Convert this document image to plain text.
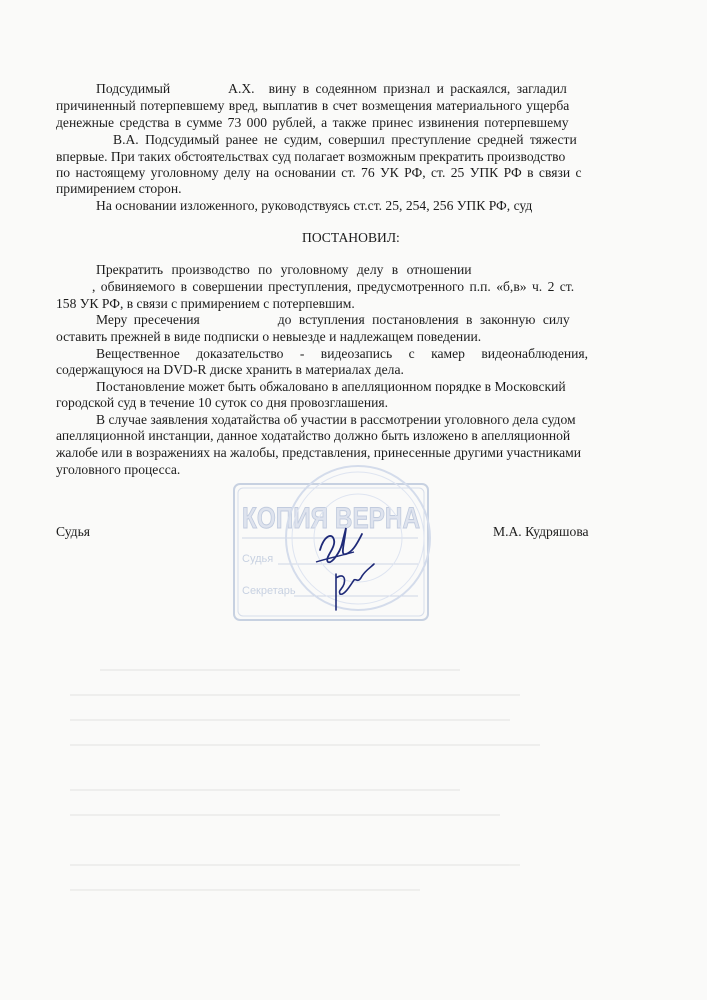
Подсудимый	А.Х. вину в содеянном признал и раскаялся, загладил
причиненный потерпевшему вред, выплатив в счет возмещения материального ущерба
денежные средства в сумме 73 000 рублей, а также принес извинения потерпевшему
В.А. Подсудимый ранее не судим, совершил преступление средней тяжести
впервые. При таких обстоятельствах суд полагает возможным прекратить производство
по настоящему уголовному делу на основании ст. 76 УК РФ, ст. 25 УПК РФ в связи с
примирением сторон.
На основании изложенного, руководствуясь ст.ст. 25, 254, 256 УПК РФ, суд
ПОСТАНОВИЛ:
Прекратить производство по уголовному делу в отношении
, обвиняемого в совершении преступления, предусмотренного п.п. «б,в» ч. 2 ст.
158 УК РФ, в связи с примирением с потерпевшим.
Меру пресечения	до вступления постановления в законную силу
оставить прежней в виде подписки о невыезде и надлежащем поведении.
Вещественное доказательство - видеозапись с камер видеонаблюдения,
содержащуюся на DVD-R диске хранить в материалах дела.
Постановление может быть обжаловано в апелляционном порядке в Московский
городской суд в течение 10 суток со дня провозглашения.
В случае заявления ходатайства об участии в рассмотрении уголовного дела судом
апелляционной инстанции, данное ходатайство должно быть изложено в апелляционной
жалобе или в возражениях на жалобы, представления, принесенные другими участниками
уголовного процесса.
Судья	М.А. Кудряшова
КОПИЯ ВЕРНА
Судья
Секретарь
